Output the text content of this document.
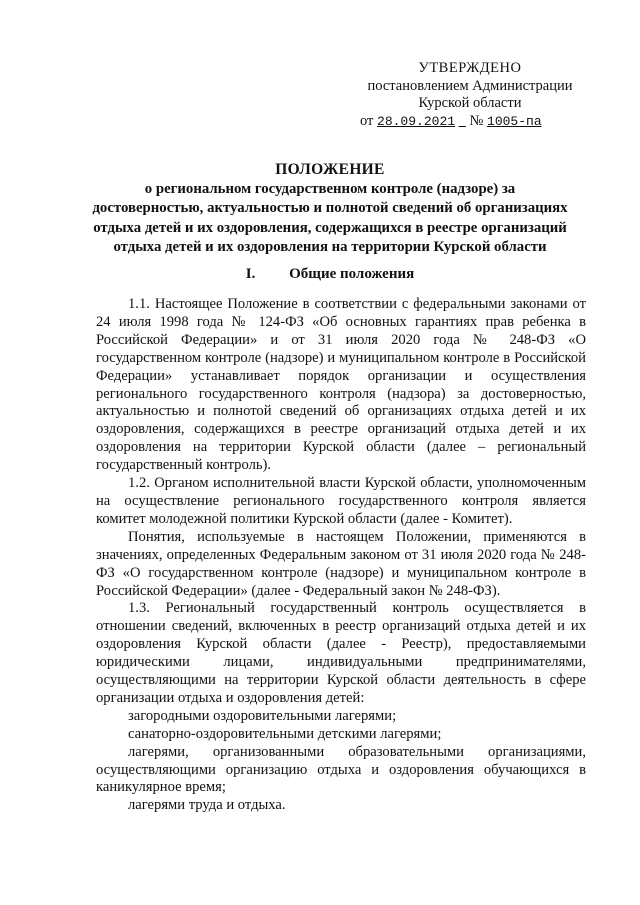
УТВЕРЖДЕНО
постановлением Администрации
Курской области
от 28.09.2021 № 1005-па
ПОЛОЖЕНИЕ
о региональном государственном контроле (надзоре) за
достоверностью, актуальностью и полнотой сведений об организациях
отдыха детей и их оздоровления, содержащихся в реестре организаций
отдыха детей и их оздоровления на территории Курской области
I. Общие положения

1.1. Настоящее Положение в соответствии с федеральными законами от 24 июля 1998 года № 124-ФЗ «Об основных гарантиях прав ребенка в Российской Федерации» и от 31 июля 2020 года № 248-ФЗ «О государственном контроле (надзоре) и муниципальном контроле в Российской Федерации» устанавливает порядок организации и осуществления регионального государственного контроля (надзора) за достоверностью, актуальностью и полнотой сведений об организациях отдыха детей и их оздоровления, содержащихся в реестре организаций отдыха детей и их оздоровления на территории Курской области (далее – региональный государственный контроль).

1.2. Органом исполнительной власти Курской области, уполномоченным на осуществление регионального государственного контроля является комитет молодежной политики Курской области (далее - Комитет).

Понятия, используемые в настоящем Положении, применяются в значениях, определенных Федеральным законом от 31 июля 2020 года № 248-ФЗ «О государственном контроле (надзоре) и муниципальном контроле в Российской Федерации» (далее - Федеральный закон № 248-ФЗ).

1.3. Региональный государственный контроль осуществляется в отношении сведений, включенных в реестр организаций отдыха детей и их оздоровления Курской области (далее - Реестр), предоставляемыми юридическими лицами, индивидуальными предпринимателями, осуществляющими на территории Курской области деятельность в сфере организации отдыха и оздоровления детей:

загородными оздоровительными лагерями;

санаторно-оздоровительными детскими лагерями;

лагерями, организованными образовательными организациями, осуществляющими организацию отдыха и оздоровления обучающихся в каникулярное время;

лагерями труда и отдыха.
